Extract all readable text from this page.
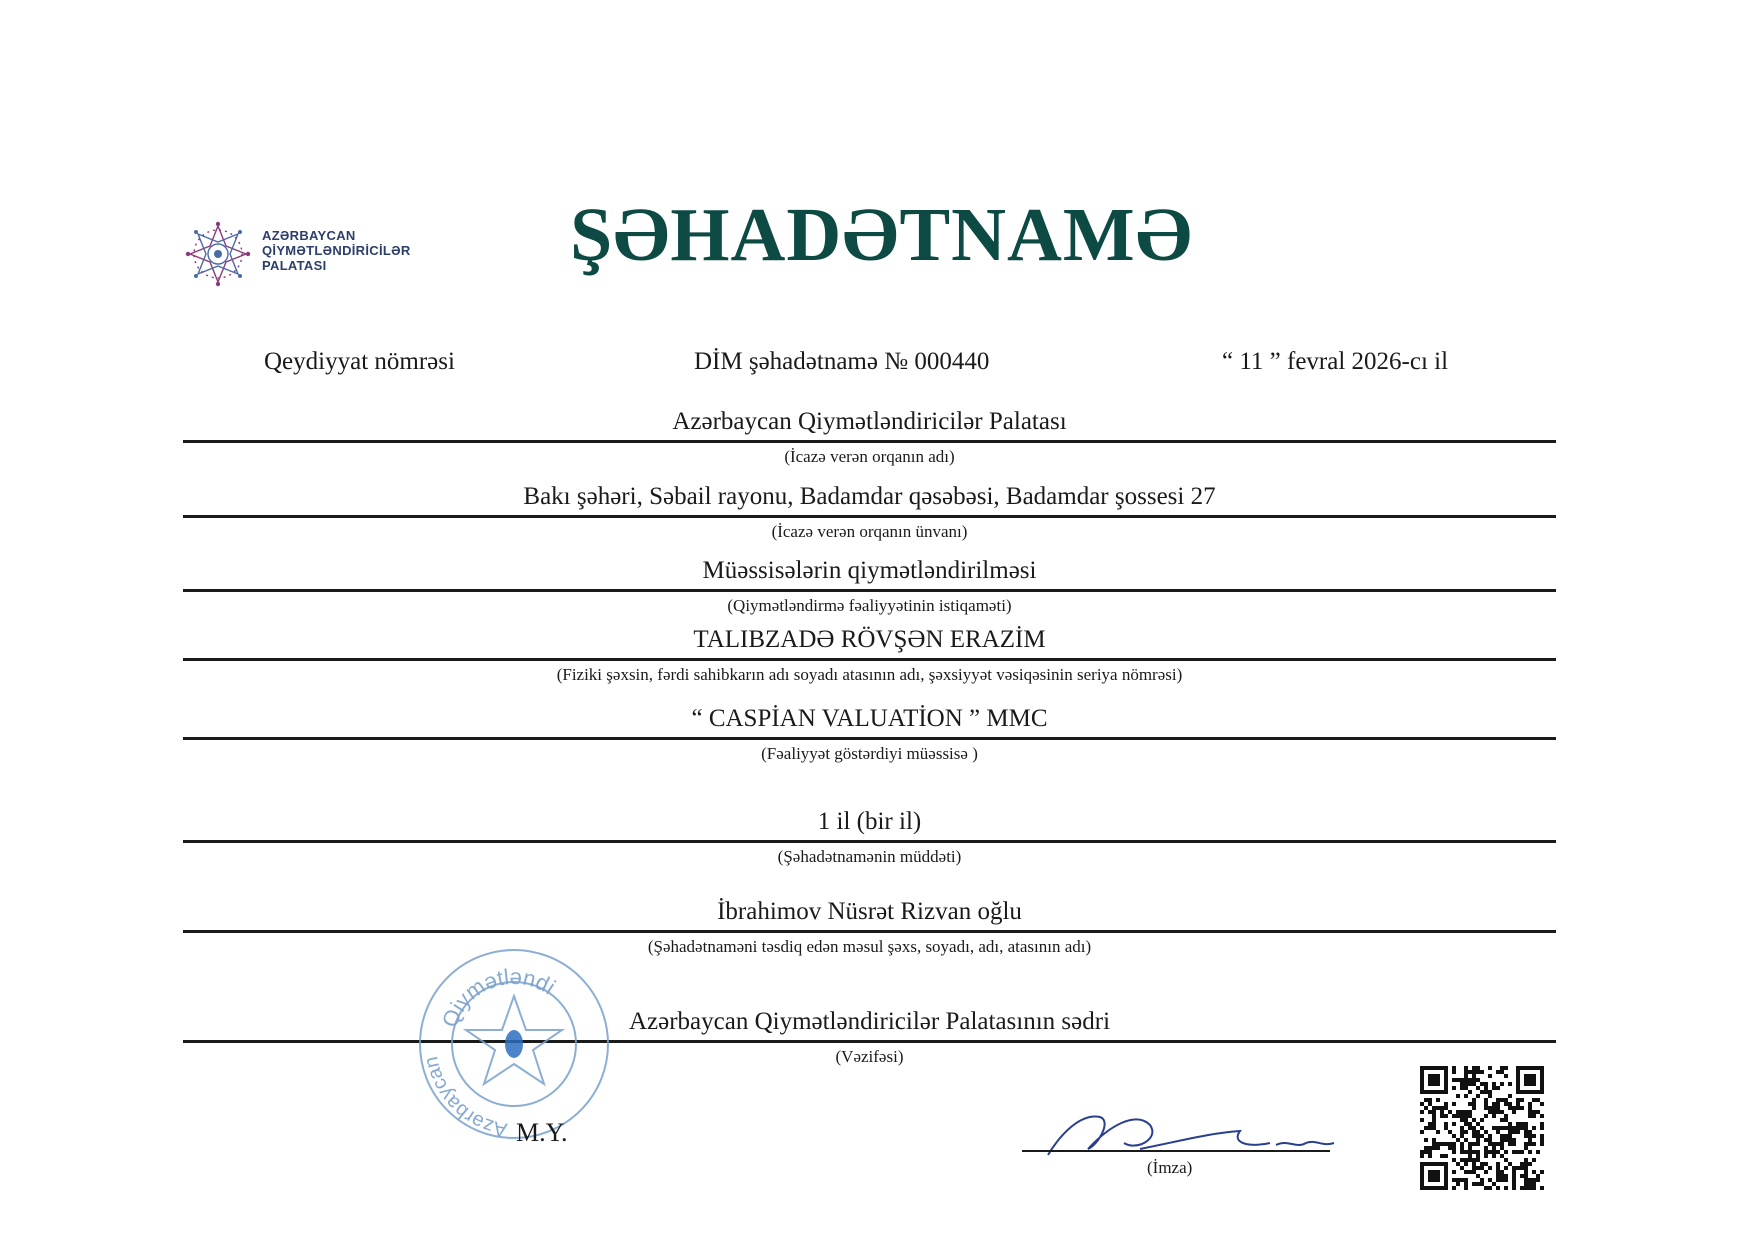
AZƏRBAYCAN
QİYMƏTLƏNDİRİCİLƏR
PALATASI	ŞƏHADƏTNAMƏ
Qeydiyyat nömrəsi	DİM şəhadətnamə № 000440	“ 11 ” fevral 2026-cı il
Azərbaycan Qiymətləndiricilər Palatası
(İcazə verən orqanın adı)
Bakı şəhəri, Səbail rayonu, Badamdar qəsəbəsi, Badamdar şossesi 27
(İcazə verən orqanın ünvanı)
Müəssisələrin qiymətləndirilməsi
(Qiymətləndirmə fəaliyyətinin istiqaməti)
TALIBZADƏ RÖVŞƏN ERAZİM
(Fiziki şəxsin, fərdi sahibkarın adı soyadı atasının adı, şəxsiyyət vəsiqəsinin seriya nömrəsi)
“ CASPİAN VALUATİON ” MMC
(Fəaliyyət göstərdiyi müəssisə )
1 il (bir il)
(Şəhadətnamənin müddəti)
İbrahimov Nüsrət Rizvan oğlu
(Şəhadətnaməni təsdiq edən məsul şəxs, soyadı, adı, atasının adı)
Azərbaycan Qiymətləndiricilər Palatasının sədri
(Vəzifəsi)
Qiymətləndi
Azərbaycan
M.Y.
(İmza)
